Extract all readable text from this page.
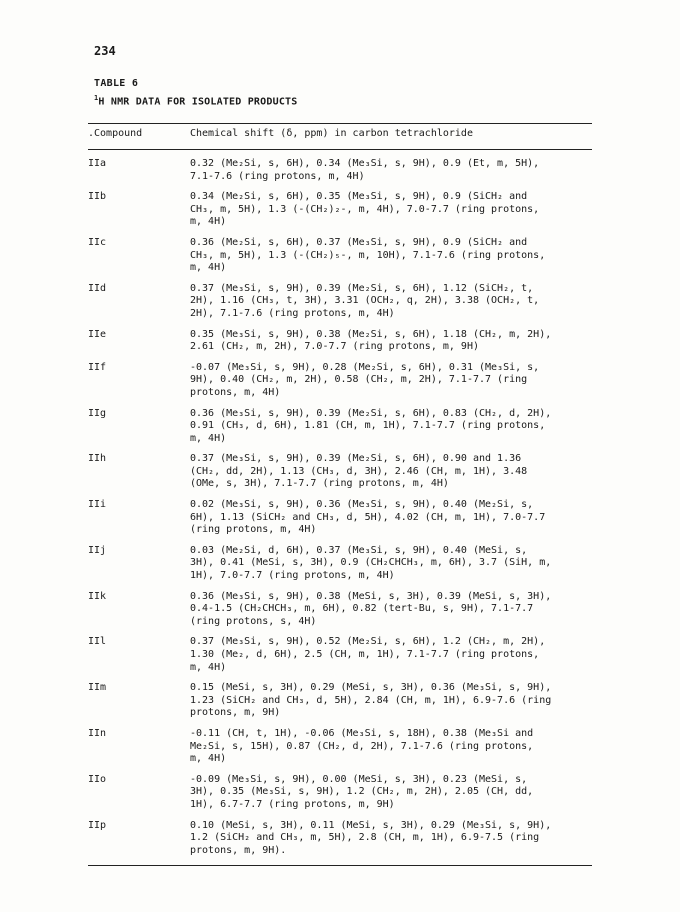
234
TABLE 6
$^1$H NMR DATA FOR ISOLATED PRODUCTS
.Compound	Chemical shift (δ, ppm) in carbon tetrachloride
IIa	0.32 (Me₂Si, s, 6H), 0.34 (Me₃Si, s, 9H), 0.9 (Et, m, 5H),
7.1-7.6 (ring protons, m, 4H)
IIb	0.34 (Me₂Si, s, 6H), 0.35 (Me₃Si, s, 9H), 0.9 (SiCH₂ and
CH₃, m, 5H), 1.3 (-(CH₂)₂-, m, 4H), 7.0-7.7 (ring protons,
m, 4H)
IIc	0.36 (Me₂Si, s, 6H), 0.37 (Me₃Si, s, 9H), 0.9 (SiCH₂ and
CH₃, m, 5H), 1.3 (-(CH₂)₅-, m, 10H), 7.1-7.6 (ring protons,
m, 4H)
IId	0.37 (Me₃Si, s, 9H), 0.39 (Me₂Si, s, 6H), 1.12 (SiCH₂, t,
2H), 1.16 (CH₃, t, 3H), 3.31 (OCH₂, q, 2H), 3.38 (OCH₂, t,
2H), 7.1-7.6 (ring protons, m, 4H)
IIe	0.35 (Me₃Si, s, 9H), 0.38 (Me₂Si, s, 6H), 1.18 (CH₂, m, 2H),
2.61 (CH₂, m, 2H), 7.0-7.7 (ring protons, m, 9H)
IIf	-0.07 (Me₃Si, s, 9H), 0.28 (Me₂Si, s, 6H), 0.31 (Me₃Si, s,
9H), 0.40 (CH₂, m, 2H), 0.58 (CH₂, m, 2H), 7.1-7.7 (ring
protons, m, 4H)
IIg	0.36 (Me₃Si, s, 9H), 0.39 (Me₂Si, s, 6H), 0.83 (CH₂, d, 2H),
0.91 (CH₃, d, 6H), 1.81 (CH, m, 1H), 7.1-7.7 (ring protons,
m, 4H)
IIh	0.37 (Me₃Si, s, 9H), 0.39 (Me₂Si, s, 6H), 0.90 and 1.36
(CH₂, dd, 2H), 1.13 (CH₃, d, 3H), 2.46 (CH, m, 1H), 3.48
(OMe, s, 3H), 7.1-7.7 (ring protons, m, 4H)
IIi	0.02 (Me₃Si, s, 9H), 0.36 (Me₃Si, s, 9H), 0.40 (Me₂Si, s,
6H), 1.13 (SiCH₂ and CH₃, d, 5H), 4.02 (CH, m, 1H), 7.0-7.7
(ring protons, m, 4H)
IIj	0.03 (Me₂Si, d, 6H), 0.37 (Me₃Si, s, 9H), 0.40 (MeSi, s,
3H), 0.41 (MeSi, s, 3H), 0.9 (CH₂CHCH₃, m, 6H), 3.7 (SiH, m,
1H), 7.0-7.7 (ring protons, m, 4H)
IIk	0.36 (Me₃Si, s, 9H), 0.38 (MeSi, s, 3H), 0.39 (MeSi, s, 3H),
0.4-1.5 (CH₂CHCH₃, m, 6H), 0.82 (tert-Bu, s, 9H), 7.1-7.7
(ring protons, s, 4H)
IIl	0.37 (Me₃Si, s, 9H), 0.52 (Me₂Si, s, 6H), 1.2 (CH₂, m, 2H),
1.30 (Me₂, d, 6H), 2.5 (CH, m, 1H), 7.1-7.7 (ring protons,
m, 4H)
IIm	0.15 (MeSi, s, 3H), 0.29 (MeSi, s, 3H), 0.36 (Me₃Si, s, 9H),
1.23 (SiCH₂ and CH₃, d, 5H), 2.84 (CH, m, 1H), 6.9-7.6 (ring
protons, m, 9H)
IIn	-0.11 (CH, t, 1H), -0.06 (Me₃Si, s, 18H), 0.38 (Me₃Si and
Me₂Si, s, 15H), 0.87 (CH₂, d, 2H), 7.1-7.6 (ring protons,
m, 4H)
IIo	-0.09 (Me₃Si, s, 9H), 0.00 (MeSi, s, 3H), 0.23 (MeSi, s,
3H), 0.35 (Me₃Si, s, 9H), 1.2 (CH₂, m, 2H), 2.05 (CH, dd,
1H), 6.7-7.7 (ring protons, m, 9H)
IIp	0.10 (MeSi, s, 3H), 0.11 (MeSi, s, 3H), 0.29 (Me₃Si, s, 9H),
1.2 (SiCH₂ and CH₃, m, 5H), 2.8 (CH, m, 1H), 6.9-7.5 (ring
protons, m, 9H).
